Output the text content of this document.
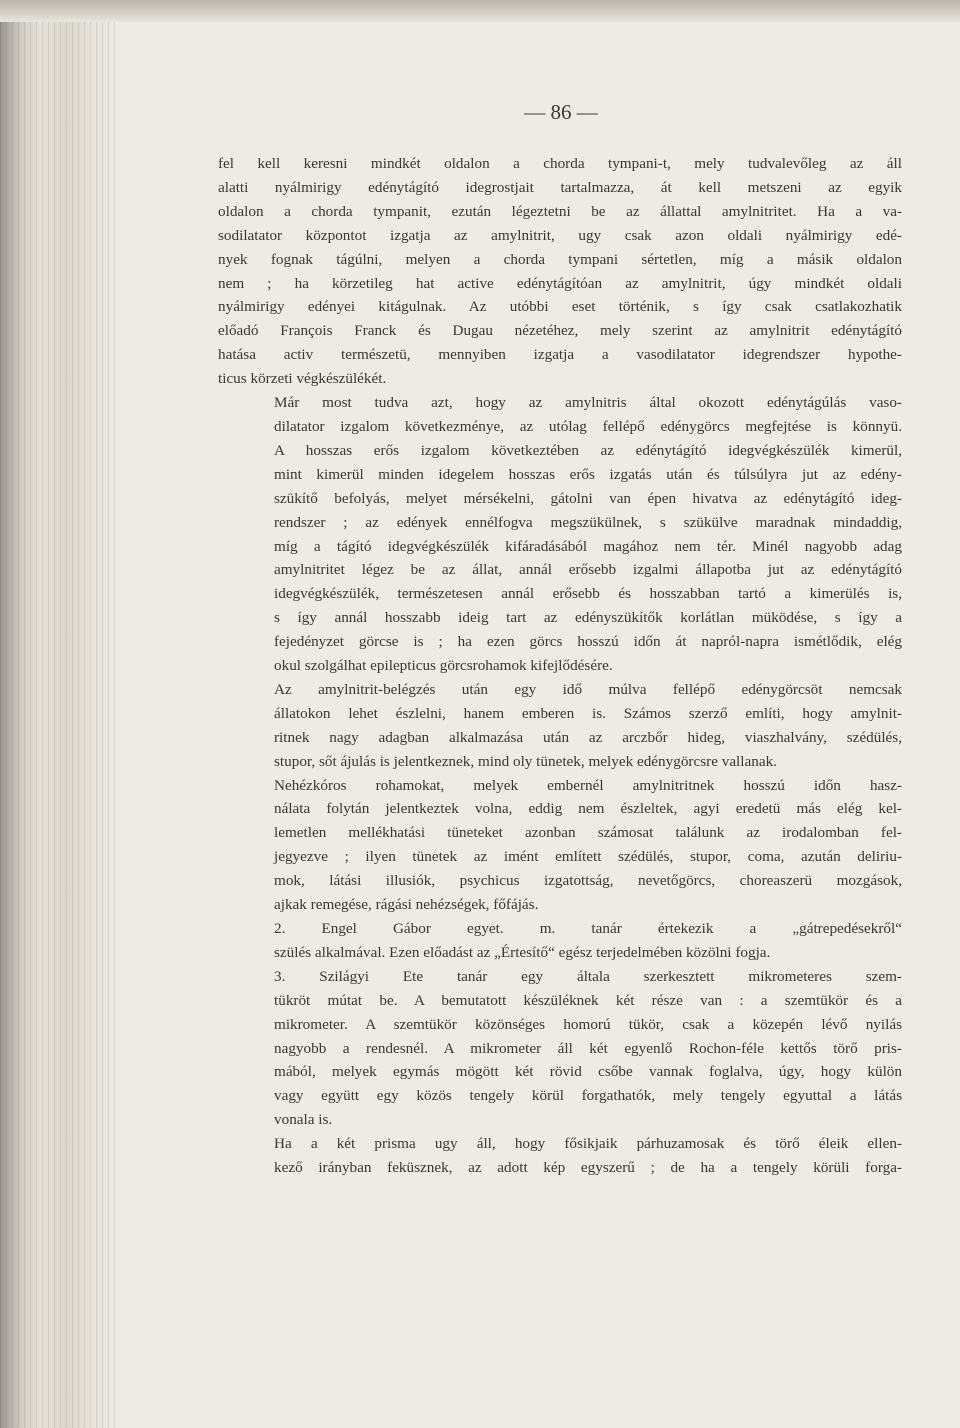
— 86 —

fel kell keresni mindkét oldalon a chorda tympani-t, mely tudvalevőleg az áll
alatti nyálmirigy edénytágító idegrostjait tartalmazza, át kell metszeni az egyik
oldalon a chorda tympanit, ezután légeztetni be az állattal amylnitritet. Ha a va-
sodilatator központot izgatja az amylnitrit, ugy csak azon oldali nyálmirigy edé-
nyek fognak tágúlni, melyen a chorda tympani sértetlen, míg a másik oldalon
nem ; ha körzetileg hat active edénytágítóan az amylnitrit, úgy mindkét oldali
nyálmirigy edényei kitágulnak. Az utóbbi eset történik, s így csak csatlakozhatik
előadó François Franck és Dugau nézetéhez, mely szerint az amylnitrit edénytágító
hatása activ természetü, mennyiben izgatja a vasodilatator idegrendszer hypothe-
ticus körzeti végkészülékét.

Már most tudva azt, hogy az amylnitris által okozott edénytágúlás vaso-
dilatator izgalom következménye, az utólag fellépő edénygörcs megfejtése is könnyü.
A hosszas erős izgalom következtében az edénytágító idegvégkészülék kimerül,
mint kimerül minden idegelem hosszas erős izgatás után és túlsúlyra jut az edény-
szükítő befolyás, melyet mérsékelni, gátolni van épen hivatva az edénytágító ideg-
rendszer ; az edények ennélfogva megszükülnek, s szükülve maradnak mindaddig,
míg a tágító idegvégkészülék kifáradásából magához nem tér. Minél nagyobb adag
amylnitritet légez be az állat, annál erősebb izgalmi állapotba jut az edénytágító
idegvégkészülék, természetesen annál erősebb és hosszabban tartó a kimerülés is,
s így annál hosszabb ideig tart az edényszükítők korlátlan müködése, s így a
fejedényzet görcse is ; ha ezen görcs hosszú időn át napról-napra ismétlődik, elég
okul szolgálhat epilepticus görcsrohamok kifejlődésére.

Az amylnitrit-belégzés után egy idő múlva fellépő edénygörcsöt nemcsak
állatokon lehet észlelni, hanem emberen is. Számos szerző említi, hogy amylnit-
ritnek nagy adagban alkalmazása után az arczbőr hideg, viaszhalvány, szédülés,
stupor, sőt ájulás is jelentkeznek, mind oly tünetek, melyek edénygörcsre vallanak.

Nehézkóros rohamokat, melyek embernél amylnitritnek hosszú időn hasz-
nálata folytán jelentkeztek volna, eddig nem észleltek, agyi eredetü más elég kel-
lemetlen mellékhatási tüneteket azonban számosat találunk az irodalomban fel-
jegyezve ; ilyen tünetek az imént említett szédülés, stupor, coma, azután deliriu-
mok, látási illusiók, psychicus izgatottság, nevetőgörcs, choreaszerü mozgások,
ajkak remegése, rágási nehézségek, főfájás.

2. Engel Gábor egyet. m. tanár értekezik a „gátrepedésekről“
szülés alkalmával. Ezen előadást az „Értesítő“ egész terjedelmében közölni fogja.

3. Szilágyi Ete tanár egy általa szerkesztett mikrometeres szem-
tükröt mútat be. A bemutatott készüléknek két része van : a szemtükör és a
mikrometer. A szemtükör közönséges homorú tükör, csak a közepén lévő nyilás
nagyobb a rendesnél. A mikrometer áll két egyenlő Rochon-féle kettős törő pris-
mából, melyek egymás mögött két rövid csőbe vannak foglalva, úgy, hogy külön
vagy együtt egy közös tengely körül forgathatók, mely tengely egyuttal a látás
vonala is.

Ha a két prisma ugy áll, hogy fősikjaik párhuzamosak és törő éleik ellen-
kező irányban feküsznek, az adott kép egyszerű ; de ha a tengely körüli forga-
